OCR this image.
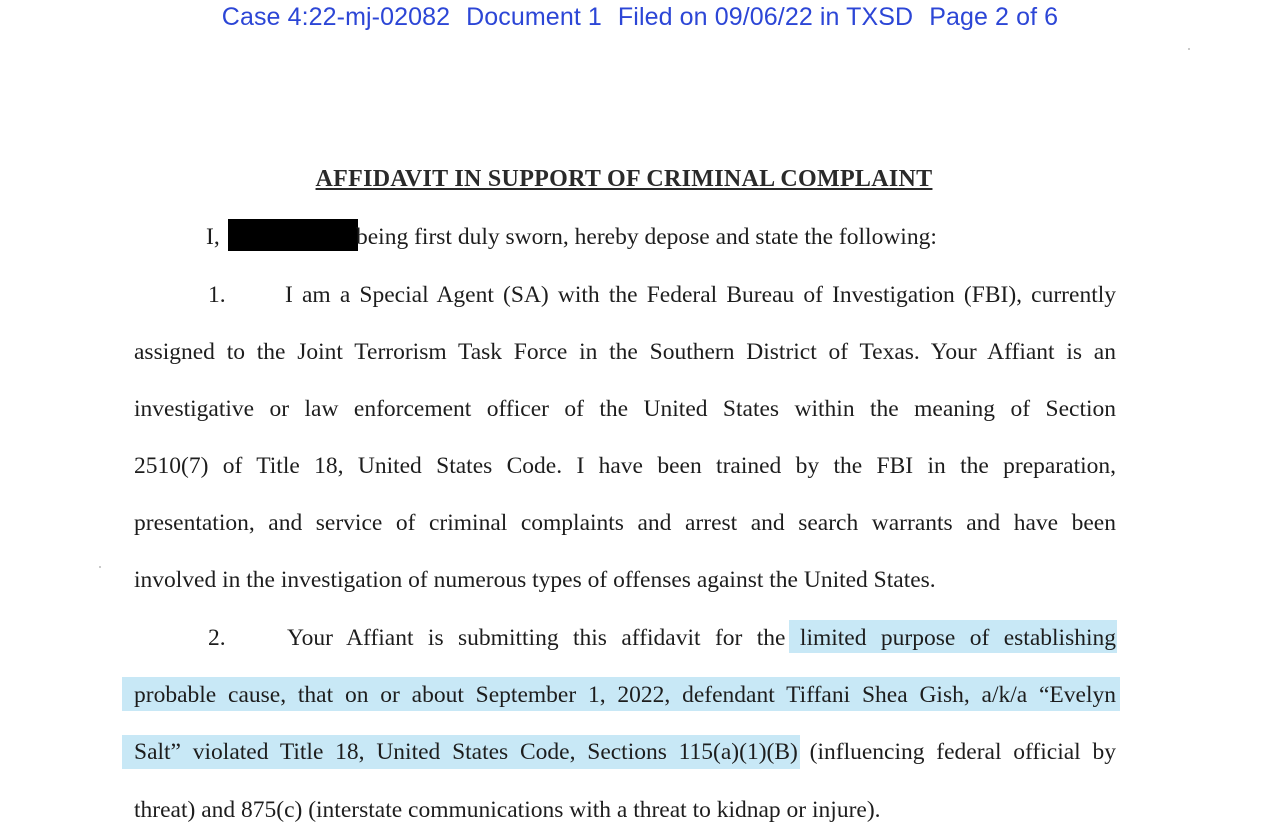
Case 4:22-mj-02082 Document 1 Filed on 09/06/22 in TXSD Page 2 of 6
AFFIDAVIT IN SUPPORT OF CRIMINAL COMPLAINT
I,	being first duly sworn, hereby depose and state the following:
1.	I am a Special Agent (SA) with the Federal Bureau of Investigation (FBI), currently
assigned to the Joint Terrorism Task Force in the Southern District of Texas. Your Affiant is an
investigative or law enforcement officer of the United States within the meaning of Section
2510(7) of Title 18, United States Code. I have been trained by the FBI in the preparation,
presentation, and service of criminal complaints and arrest and search warrants and have been
involved in the investigation of numerous types of offenses against the United States.
2.	Your Affiant is submitting this affidavit for the limited purpose of establishing
probable cause, that on or about September 1, 2022, defendant Tiffani Shea Gish, a/k/a “Evelyn
Salt” violated Title 18, United States Code, Sections 115(a)(1)(B) (influencing federal official by
threat) and 875(c) (interstate communications with a threat to kidnap or injure).
